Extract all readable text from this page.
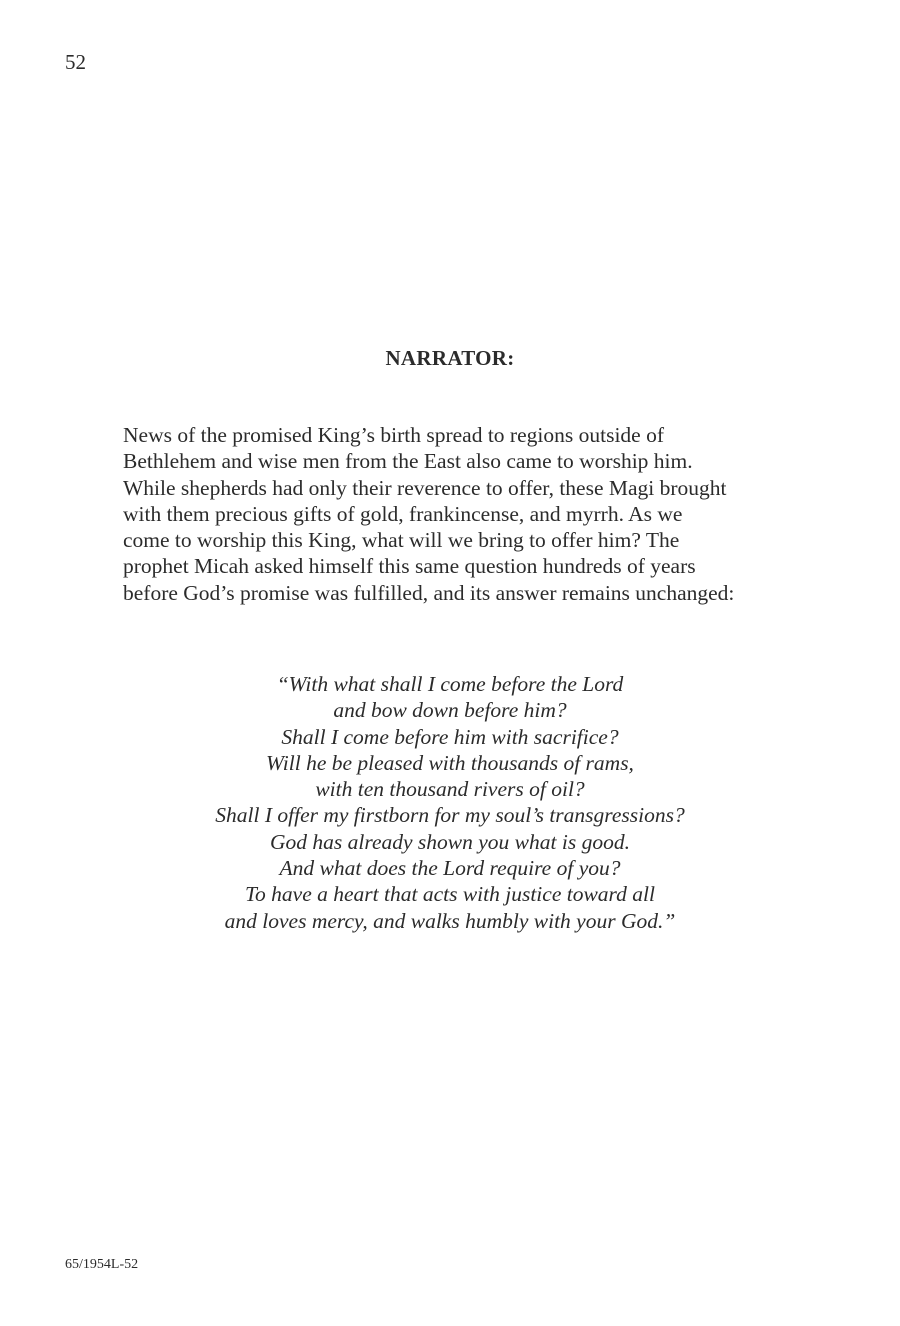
52
NARRATOR:
News of the promised King’s birth spread to regions outside of
Bethlehem and wise men from the East also came to worship him.
While shepherds had only their reverence to offer, these Magi brought
with them precious gifts of gold, frankincense, and myrrh. As we
come to worship this King, what will we bring to offer him? The
prophet Micah asked himself this same question hundreds of years
before God’s promise was fulfilled, and its answer remains unchanged:
“With what shall I come before the Lord
and bow down before him?
Shall I come before him with sacrifice?
Will he be pleased with thousands of rams,
with ten thousand rivers of oil?
Shall I offer my firstborn for my soul’s transgressions?
God has already shown you what is good.
And what does the Lord require of you?
To have a heart that acts with justice toward all
and loves mercy, and walks humbly with your God.”
65/1954L-52
